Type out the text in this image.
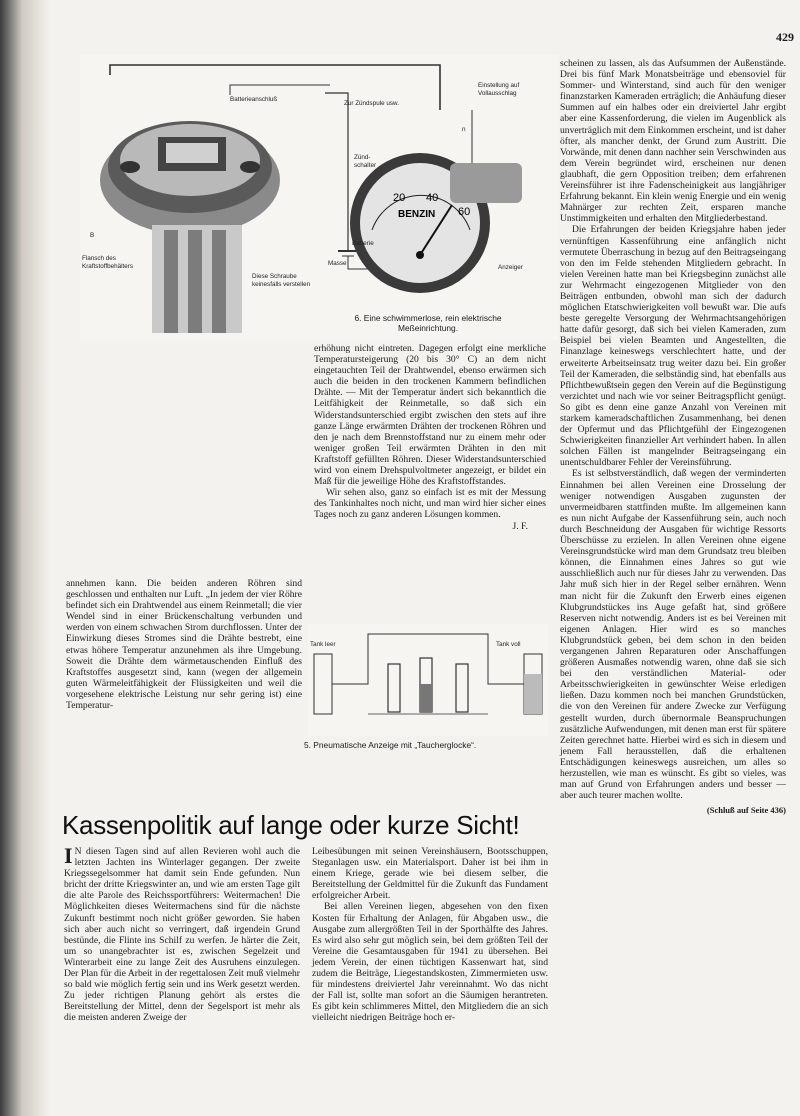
429
20 40
60
BENZIN
Batterieanschluß
Zur Zündspule usw.
Einstellung auf
Vollausschlag
n
Zünd-
schalter
B
Flansch des
Kraftstoffbehälters
Diese Schraube
keinesfalls verstellen
Batterie
Masse
Anzeiger
6. Eine schwimmerlose, rein elektrische
Meßeinrichtung.
Tank leer	Tank voll
5. Pneumatische Anzeige mit „Taucherglocke“.

scheinen zu lassen, als das Aufsummen der Außenstände. Drei bis fünf Mark Monatsbeiträge und ebensoviel für Sommer- und Winterstand, sind auch für den weniger finanzstarken Kameraden erträglich; die Anhäufung dieser Summen auf ein halbes oder ein dreiviertel Jahr ergibt aber eine Kassenforderung, die vielen im Augenblick als unverträglich mit dem Einkommen erscheint, und ist daher öfter, als mancher denkt, der Grund zum Austritt. Die Vorwände, mit denen dann nachher sein Verschwinden aus dem Verein begründet wird, erscheinen nur denen glaubhaft, die gern Opposition treiben; dem erfahrenen Vereinsführer ist ihre Fadenscheinigkeit aus langjähriger Erfahrung bekannt. Ein klein wenig Energie und ein wenig Mahnärger zur rechten Zeit, ersparen manche Unstimmigkeiten und erhalten den Mitgliederbestand.

Die Erfahrungen der beiden Kriegsjahre haben jeder vernünftigen Kassenführung eine anfänglich nicht vermutete Überraschung in bezug auf den Beitragseingang von den im Felde stehenden Mitgliedern gebracht. In vielen Vereinen hatte man bei Kriegsbeginn zunächst alle zur Wehrmacht eingezogenen Mitglieder von den Beiträgen entbunden, obwohl man sich der dadurch möglichen Etatschwierigkeiten voll bewußt war. Die aufs beste geregelte Versorgung der Wehrmachtsangehörigen hatte dafür gesorgt, daß sich bei vielen Kameraden, zum Beispiel bei vielen Beamten und Angestellten, die Finanzlage keineswegs verschlechtert hatte, und der erweiterte Arbeitseinsatz trug weiter dazu bei. Ein großer Teil der Kameraden, die selbständig sind, hat ebenfalls aus Pflichtbewußtsein gegen den Verein auf die Begünstigung verzichtet und nach wie vor seiner Beitragspflicht genügt. So gibt es denn eine ganze Anzahl von Vereinen mit starkem kameradschaftlichen Zusammenhang, bei denen der Opfermut und das Pflichtgefühl der Eingezogenen Schwierigkeiten finanzieller Art verhindert haben. In allen solchen Fällen ist mangelnder Beitragseingang ein unentschuldbarer Fehler der Vereinsführung.

Es ist selbstverständlich, daß wegen der verminderten Einnahmen bei allen Vereinen eine Drosselung der weniger notwendigen Ausgaben zugunsten der unvermeidbaren stattfinden mußte. Im allgemeinen kann es nun nicht Aufgabe der Kassenführung sein, auch noch durch Beschneidung der Ausgaben für wichtige Ressorts Überschüsse zu erzielen. In allen Vereinen ohne eigene Vereinsgrundstücke wird man dem Grundsatz treu bleiben können, die Einnahmen eines Jahres so gut wie ausschließlich auch nur für dieses Jahr zu verwenden. Das Jahr muß sich hier in der Regel selber ernähren. Wenn man nicht für die Zukunft den Erwerb eines eigenen Klubgrundstückes ins Auge gefaßt hat, sind größere Reserven nicht notwendig. Anders ist es bei Vereinen mit eigenen Anlagen. Hier wird es so manches Klubgrundstück geben, bei dem schon in den beiden vergangenen Jahren Reparaturen oder Anschaffungen größeren Ausmaßes notwendig waren, ohne daß sie sich bei den verständlichen Material- oder Arbeitsschwierigkeiten in gewünschter Weise erledigen ließen. Dazu kommen noch bei manchen Grundstücken, die von den Vereinen für andere Zwecke zur Verfügung gestellt wurden, durch übernormale Beanspruchungen zusätzliche Aufwendungen, mit denen man erst für spätere Zeiten gerechnet hatte. Hierbei wird es sich in diesem und jenem Fall herausstellen, daß die erhaltenen Entschädigungen keineswegs ausreichen, um alles so herzustellen, wie man es wünscht. Es gibt so vieles, was man auf Grund von Erfahrungen anders und besser — aber auch teurer machen wollte.

(Schluß auf Seite 436)

erhöhung nicht eintreten. Dagegen erfolgt eine merkliche Temperatursteigerung (20 bis 30° C) an dem nicht eingetauchten Teil der Drahtwendel, ebenso erwärmen sich auch die beiden in den trockenen Kammern befindlichen Drähte. — Mit der Temperatur ändert sich bekanntlich die Leitfähigkeit der Reinmetalle, so daß sich ein Widerstandsunterschied ergibt zwischen den stets auf ihre ganze Länge erwärmten Drähten der trockenen Röhren und den je nach dem Brennstoffstand nur zu einem mehr oder weniger großen Teil erwärmten Drähten in den mit Kraftstoff gefüllten Röhren. Dieser Widerstandsunterschied wird von einem Drehspulvoltmeter angezeigt, er bildet ein Maß für die jeweilige Höhe des Kraftstoffstandes.

Wir sehen also, ganz so einfach ist es mit der Messung des Tankinhaltes noch nicht, und man wird hier sicher eines Tages noch zu ganz anderen Lösungen kommen.

J. F.

annehmen kann. Die beiden anderen Röhren sind geschlossen und enthalten nur Luft. „In jedem der vier Röhre befindet sich ein Drahtwendel aus einem Reinmetall; die vier Wendel sind in einer Brückenschaltung verbunden und werden von einem schwachen Strom durchflossen. Unter der Einwirkung dieses Stromes sind die Drähte bestrebt, eine etwas höhere Temperatur anzunehmen als ihre Umgebung. Soweit die Drähte dem wärmetauschenden Einfluß des Kraftstoffes ausgesetzt sind, kann (wegen der allgemein guten Wärmeleitfähigkeit der Flüssigkeiten und weil die vorgesehene elektrische Leistung nur sehr gering ist) eine Temperatur-

Kassenpolitik auf lange oder kurze Sicht!

I N diesen Tagen sind auf allen Revieren wohl auch die letzten Jachten ins Winterlager gegangen. Der zweite Kriegssegelsommer hat damit sein Ende gefunden. Nun bricht der dritte Kriegswinter an, und wie am ersten Tage gilt die alte Parole des Reichssportführers: Weitermachen! Die Möglichkeiten dieses Weitermachens sind für die nächste Zukunft bestimmt noch nicht größer geworden. Sie haben sich aber auch nicht so verringert, daß irgendein Grund bestünde, die Flinte ins Schilf zu werfen. Je härter die Zeit, um so unangebrachter ist es, zwischen Segelzeit und Winterarbeit eine zu lange Zeit des Ausruhens einzulegen. Der Plan für die Arbeit in der regettalosen Zeit muß vielmehr so bald wie möglich fertig sein und ins Werk gesetzt werden. Zu jeder richtigen Planung gehört als erstes die Bereitstellung der Mittel, denn der Segelsport ist mehr als die meisten anderen Zweige der

Leibesübungen mit seinen Vereinshäusern, Bootsschuppen, Steganlagen usw. ein Materialsport. Daher ist bei ihm in einem Kriege, gerade wie bei diesem selber, die Bereitstellung der Geldmittel für die Zukunft das Fundament erfolgreicher Arbeit.

Bei allen Vereinen liegen, abgesehen von den fixen Kosten für Erhaltung der Anlagen, für Abgaben usw., die Ausgabe zum allergrößten Teil in der Sporthälfte des Jahres. Es wird also sehr gut möglich sein, bei dem größten Teil der Vereine die Gesamtausgaben für 1941 zu übersehen. Bei jedem Verein, der einen tüchtigen Kassenwart hat, sind zudem die Beiträge, Liegestandskosten, Zimmermieten usw. für mindestens dreiviertel Jahr vereinnahmt. Wo das nicht der Fall ist, sollte man sofort an die Säumigen herantreten. Es gibt kein schlimmeres Mittel, den Mitgliedern die an sich vielleicht niedrigen Beiträge hoch er-
